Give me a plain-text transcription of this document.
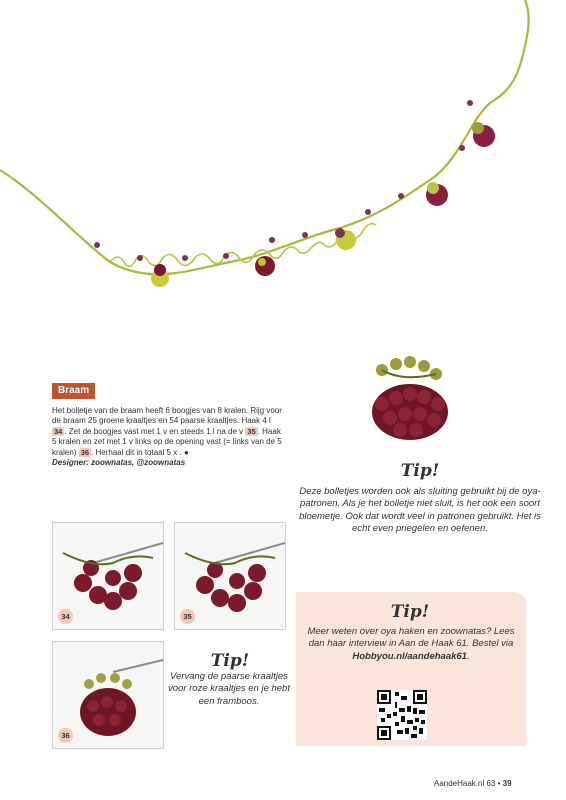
Braam
Het bolletje van de braam heeft 6 boogjes van 8 kralen. Rijg voor de braam 25 groene kraaltjes en 54 paarse kraaltjes. Haak 4 l 34 . Zet de boogjes vast met 1 v en steeds 1 l na de v 35 . Haak 5 kralen en zet met 1 v links op de opening vast (= links van de 5 kralen) 36 . Herhaal dit in totaal 5 x . ●
Designer: zoownatas, @zoownatas	Tip!
Deze bolletjes worden ook als sluiting gebruikt bij de oya-patronen. Als je het bolletje niet sluit, is het ook een soort bloemetje. Ook dat wordt veel in patronen gebruikt. Het is echt even priegelen en oefenen.
34	35
36
Tip!
Vervang de paarse kraaltjes voor roze kraaltjes en je hebt een framboos.
Tip!
Meer weten over oya haken en zoownatas? Lees dan haar interview in Aan de Haak 61. Bestel via Hobbyou.nl/aandehaak61.
AandeHaak.nl 63 • 39
